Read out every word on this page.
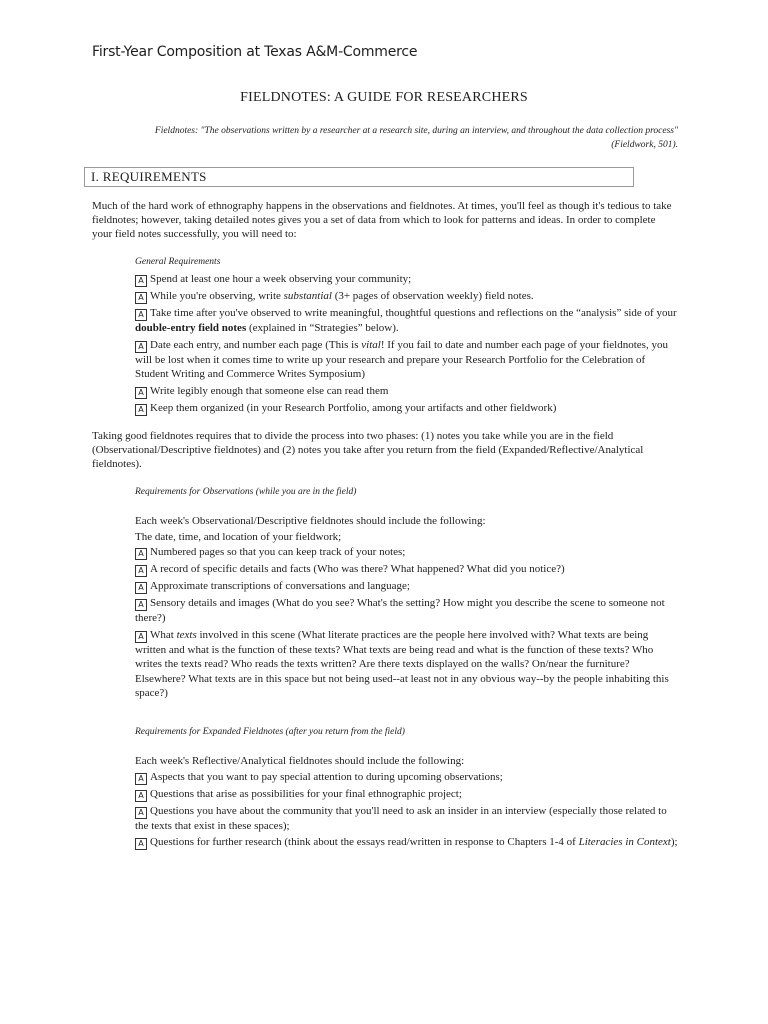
First-Year Composition at Texas A&M-Commerce
FIELDNOTES: A GUIDE FOR RESEARCHERS
Fieldnotes: "The observations written by a researcher at a research site, during an interview, and throughout the data collection process"
(Fieldwork, 501).
I. REQUIREMENTS
Much of the hard work of ethnography happens in the observations and fieldnotes. At times, you'll feel as though it's tedious to take fieldnotes; however, taking detailed notes gives you a set of data from which to look for patterns and ideas. In order to complete your field notes successfully, you will need to:
General Requirements
A Spend at least one hour a week observing your community;
A While you're observing, write substantial (3+ pages of observation weekly) field notes.
A Take time after you've observed to write meaningful, thoughtful questions and reflections on the “analysis” side of your double-entry field notes (explained in “Strategies” below).
A Date each entry, and number each page (This is vital! If you fail to date and number each page of your fieldnotes, you will be lost when it comes time to write up your research and prepare your Research Portfolio for the Celebration of Student Writing and Commerce Writes Symposium)
A Write legibly enough that someone else can read them
A Keep them organized (in your Research Portfolio, among your artifacts and other fieldwork)
Taking good fieldnotes requires that to divide the process into two phases: (1) notes you take while you are in the field (Observational/Descriptive fieldnotes) and (2) notes you take after you return from the field (Expanded/Reflective/Analytical fieldnotes).
Requirements for Observations (while you are in the field)
Each week's Observational/Descriptive fieldnotes should include the following:
The date, time, and location of your fieldwork;
A Numbered pages so that you can keep track of your notes;
A A record of specific details and facts (Who was there? What happened? What did you notice?)
A Approximate transcriptions of conversations and language;
A Sensory details and images (What do you see? What's the setting? How might you describe the scene to someone not there?)
A What texts involved in this scene (What literate practices are the people here involved with? What texts are being written and what is the function of these texts? What texts are being read and what is the function of these texts? Who writes the texts read? Who reads the texts written? Are there texts displayed on the walls? On/near the furniture? Elsewhere? What texts are in this space but not being used--at least not in any obvious way--by the people inhabiting this space?)
Requirements for Expanded Fieldnotes (after you return from the field)
Each week's Reflective/Analytical fieldnotes should include the following:
A Aspects that you want to pay special attention to during upcoming observations;
A Questions that arise as possibilities for your final ethnographic project;
A Questions you have about the community that you'll need to ask an insider in an interview (especially those related to the texts that exist in these spaces);
A Questions for further research (think about the essays read/written in response to Chapters 1-4 of Literacies in Context);
